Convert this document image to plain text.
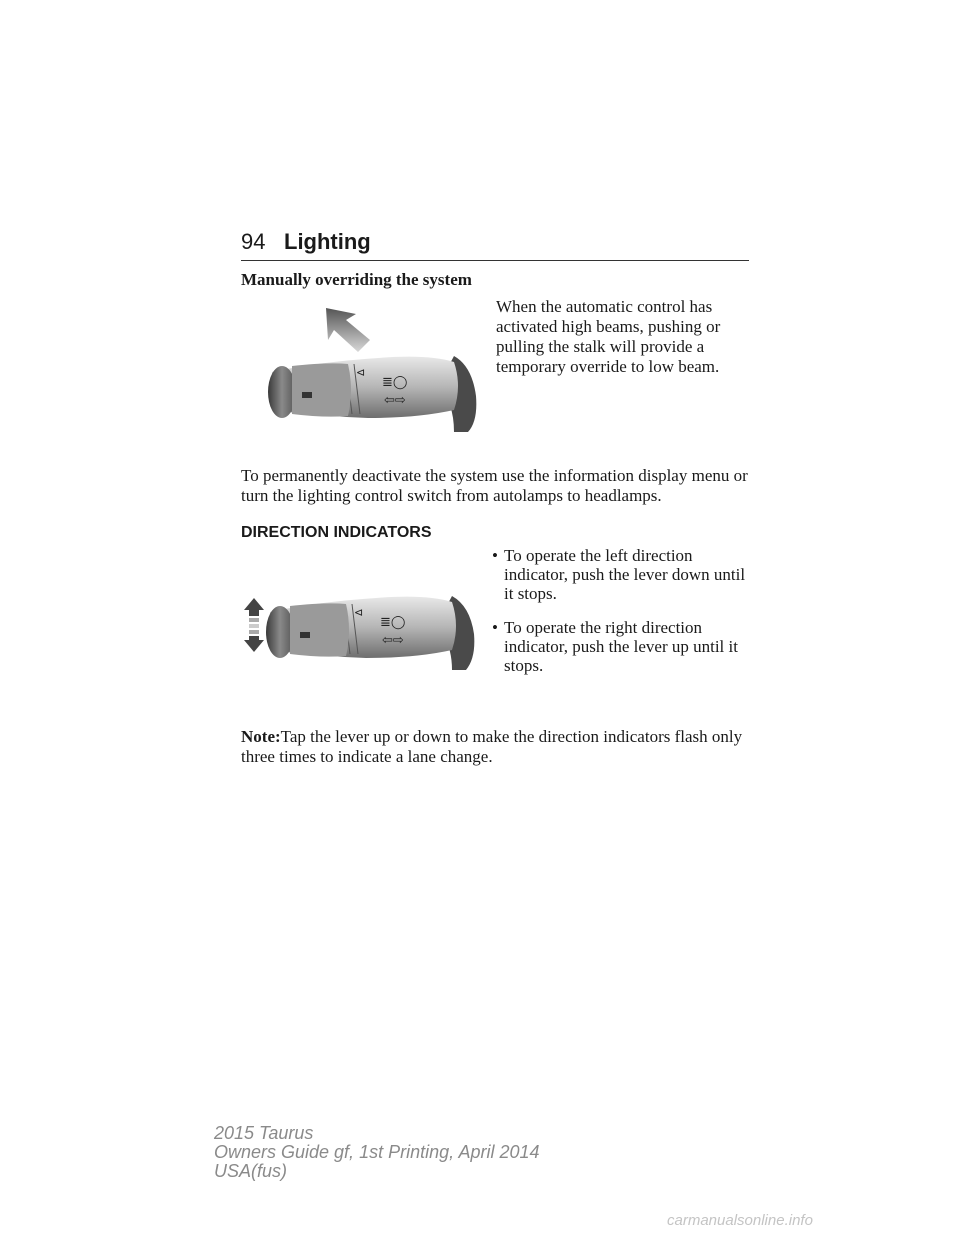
94 Lighting
Manually overriding the system
≣◯
⇦⇨
⊲
When the automatic control has activated high beams, pushing or pulling the stalk will provide a temporary override to low beam.
To permanently deactivate the system use the information display menu or turn the lighting control switch from autolamps to headlamps.
DIRECTION INDICATORS
≣◯
⇦⇨
⊲
• To operate the left direction indicator, push the lever down until it stops.
• To operate the right direction indicator, push the lever up until it stops.
Note:Tap the lever up or down to make the direction indicators flash only three times to indicate a lane change.
2015 Taurus
Owners Guide gf, 1st Printing, April 2014
USA(fus)
carmanualsonline.info
